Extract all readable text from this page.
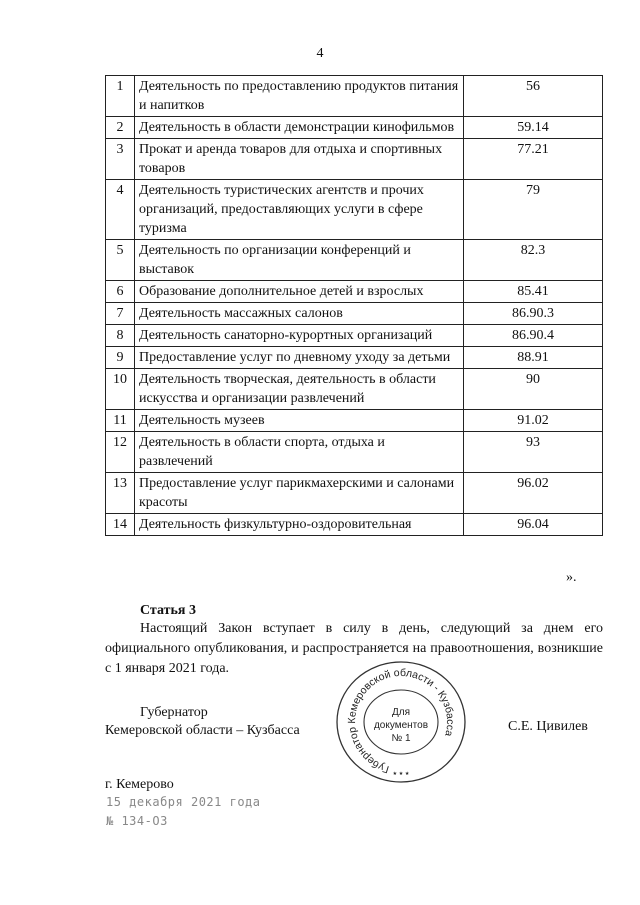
4
1	Деятельность по предоставлению продуктов питания и напитков	56
2	Деятельность в области демонстрации кинофильмов	59.14
3	Прокат и аренда товаров для отдыха и спортивных товаров	77.21
4	Деятельность туристических агентств и прочих организаций, предоставляющих услуги в сфере туризма	79
5	Деятельность по организации конференций и выставок	82.3
6	Образование дополнительное детей и взрослых	85.41
7	Деятельность массажных салонов	86.90.3
8	Деятельность санаторно-курортных организаций	86.90.4
9	Предоставление услуг по дневному уходу за детьми	88.91
10	Деятельность творческая, деятельность в области искусства и организации развлечений	90
11	Деятельность музеев	91.02
12	Деятельность в области спорта, отдыха и развлечений	93
13	Предоставление услуг парикмахерскими и салонами красоты	96.02
14	Деятельность физкультурно-оздоровительная	96.04
».
Статья 3

Настоящий Закон вступает в силу в день, следующий за днем его официального опубликования, и распространяется на правоотношения, возникшие с 1 января 2021 года.

Губернатор
Кемеровской области – Кузбасса	С.Е. Цивилев
Губернатор Кемеровской области - Кузбасса
Для
документов
№ 1
★ ★ ★
г. Кемерово
15 декабря 2021 года
№ 134-ОЗ
